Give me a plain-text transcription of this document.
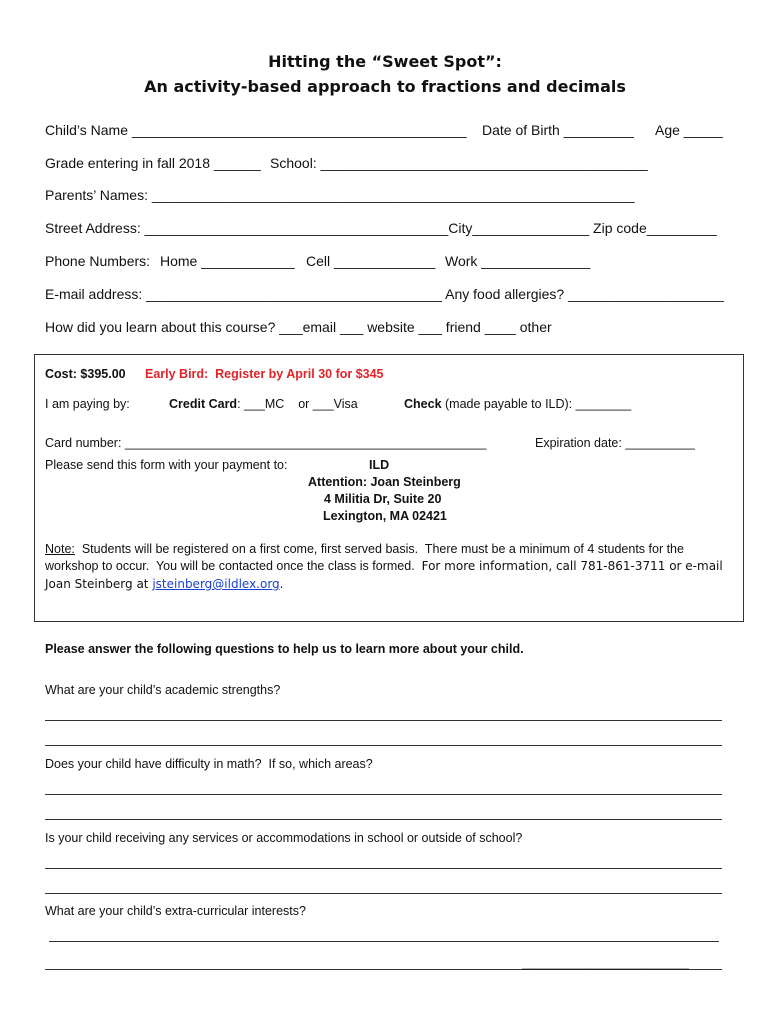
Hitting the “Sweet Spot”:
An activity-based approach to fractions and decimals
Child’s Name ___________________________________________ Date of Birth _________ Age _____
Grade entering in fall 2018 ______ School: __________________________________________
Parents’ Names: ______________________________________________________________
Street Address: _______________________________________City_______________ Zip code_________
Phone Numbers: Home ____________ Cell _____________ Work ______________
E-mail address: ______________________________________ Any food allergies? ____________________
How did you learn about this course? ___email ___ website ___ friend ____ other
Cost: $395.00 Early Bird:  Register by April 30 for $345
I am paying by:	Credit Card: ___MC    or ___Visa	Check (made payable to ILD): ________
Card number: ____________________________________________________	Expiration date: __________
Please send this form with your payment to:	ILD
Attention: Joan Steinberg
4 Militia Dr, Suite 20
Lexington, MA 02421
Note:  Students will be registered on a first come, first served basis.  There must be a minimum of 4 students for the
workshop to occur.  You will be contacted once the class is formed.  For more information, call 781-861-3711 or e-mail
Joan Steinberg at jsteinberg@ildlex.org.
Please answer the following questions to help us to learn more about your child.
What are your child’s academic strengths?
Does your child have difficulty in math?  If so, which areas?
Is your child receiving any services or accommodations in school or outside of school?
What are your child’s extra-curricular interests?
________________________
